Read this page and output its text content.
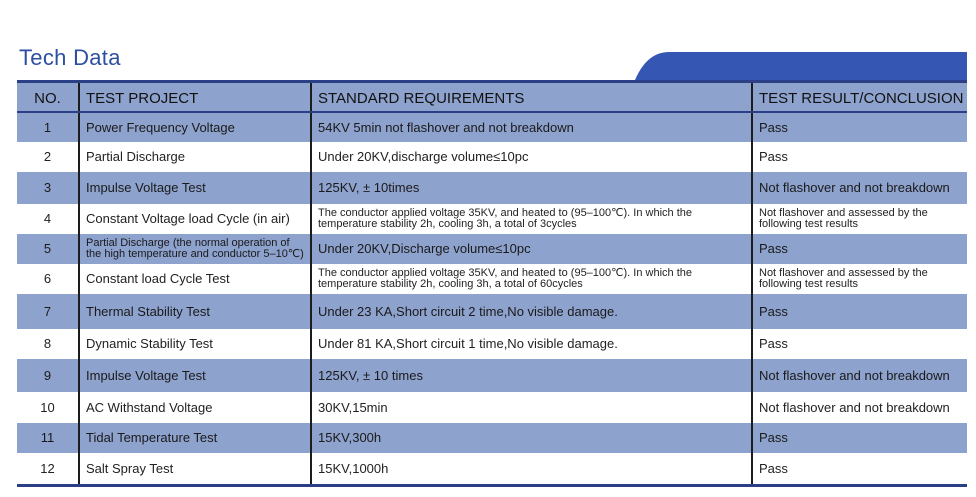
Tech Data
NO.	TEST PROJECT	STANDARD REQUIREMENTS	TEST RESULT/CONCLUSION
1	Power Frequency Voltage	54KV 5min not flashover and not breakdown	Pass
2	Partial Discharge	Under 20KV,discharge volume≤10pc	Pass
3	Impulse Voltage Test	125KV, ± 10times	Not flashover and not breakdown
4	Constant Voltage load Cycle (in air)	The conductor applied voltage 35KV, and heated to (95–100℃). In which the temperature stability 2h, cooling 3h, a total of 3cycles	Not flashover and assessed by the following test results
5	Partial Discharge (the normal operation of the high temperature and conductor 5–10℃)	Under 20KV,Discharge volume≤10pc	Pass
6	Constant load Cycle Test	The conductor applied voltage 35KV, and heated to (95–100℃). In which the temperature stability 2h, cooling 3h, a total of 60cycles	Not flashover and assessed by the following test results
7	Thermal Stability Test	Under 23 KA,Short circuit 2 time,No visible damage.	Pass
8	Dynamic Stability Test	Under 81 KA,Short circuit 1 time,No visible damage.	Pass
9	Impulse Voltage Test	125KV, ± 10 times	Not flashover and not breakdown
10	AC Withstand Voltage	30KV,15min	Not flashover and not breakdown
11	Tidal Temperature Test	15KV,300h	Pass
12	Salt Spray Test	15KV,1000h	Pass
